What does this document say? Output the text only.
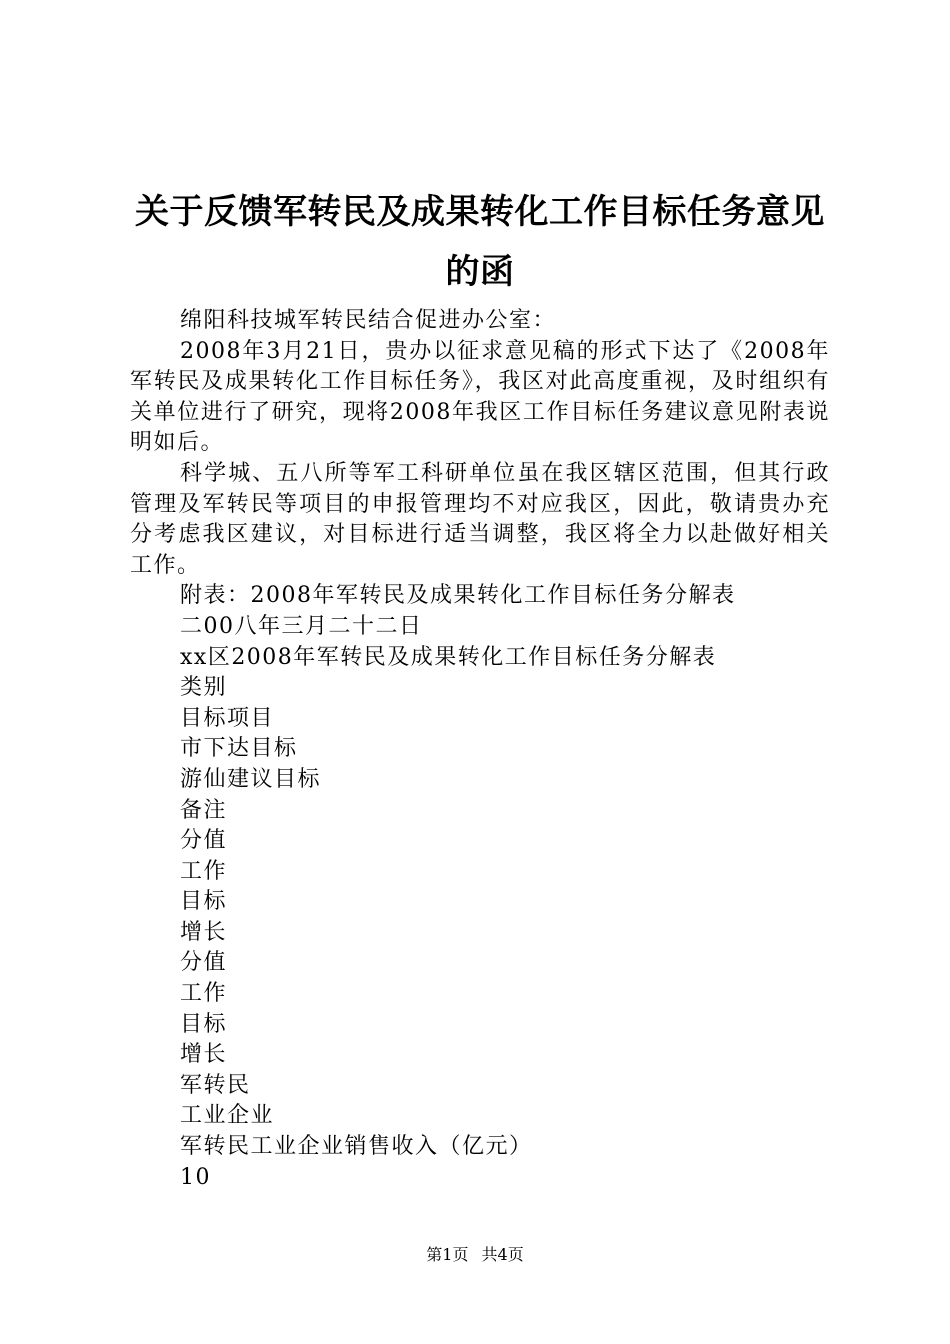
关于反馈军转民及成果转化工作目标任务意见的函

绵阳科技城军转民结合促进办公室：

2008年3月21日，贵办以征求意见稿的形式下达了《2008年军转民及成果转化工作目标任务》，我区对此高度重视，及时组织有关单位进行了研究，现将2008年我区工作目标任务建议意见附表说明如后。

科学城、五八所等军工科研单位虽在我区辖区范围，但其行政管理及军转民等项目的申报管理均不对应我区，因此，敬请贵办充分考虑我区建议，对目标进行适当调整，我区将全力以赴做好相关工作。

附表：2008年军转民及成果转化工作目标任务分解表

二00八年三月二十二日

xx区2008年军转民及成果转化工作目标任务分解表

类别

目标项目

市下达目标

游仙建议目标

备注

分值

工作

目标

增长

分值

工作

目标

增长

军转民

工业企业

军转民工业企业销售收入（亿元）

10

第1页 共4页
